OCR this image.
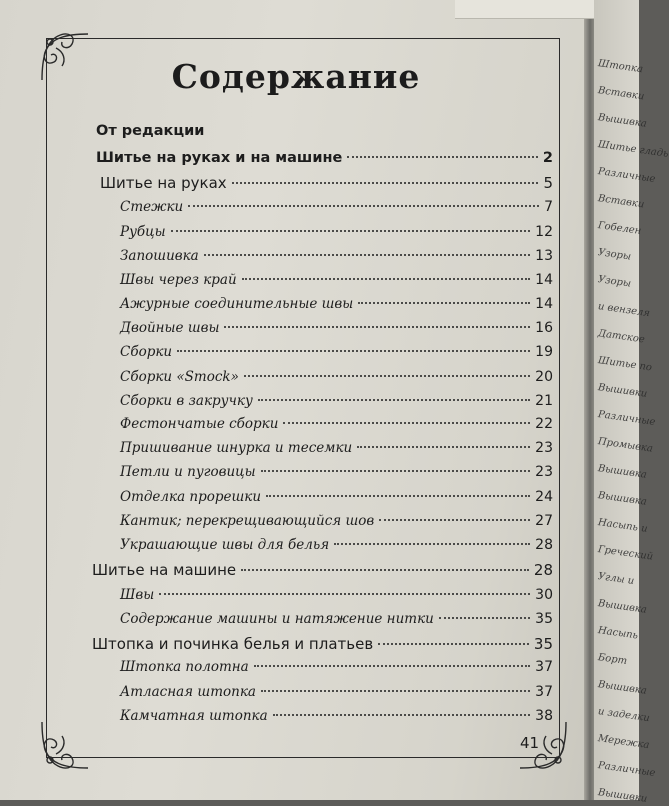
Содержание
От редакции
Шитье на руках и на машине	2
Шитье на руках	5
Стежки	7
Рубцы	12
Запошивка	13
Швы через край	14
Ажурные соединительные швы	14
Двойные швы	16
Сборки	19
Сборки «Smock»	20
Сборки в закручку	21
Фестончатые сборки	22
Пришивание шнурка и тесемки	23
Петли и пуговицы	23
Отделка прорешки	24
Кантик; перекрещивающийся шов	27
Украшающие швы для белья	28
Шитье на машине	28
Швы	30
Содержание машины и натяжение нитки	35
Штопка и починка белья и платьев	35
Штопка полотна	37
Атласная штопка	37
Камчатная штопка	38
41
Штопка
Вставки
Вышивка
Шитье гладь
Различные
Вставки
Гобелен
Узоры
Узоры
и вензеля
Датское
Шитье по
Вышивки
Различные
Промывка
Вышивка
Вышивка
Насыпь и
Греческий
Углы и
Вышивка
Насыпь
Борт
Вышивка
и заделки
Мережка
Различные
Вышивки
